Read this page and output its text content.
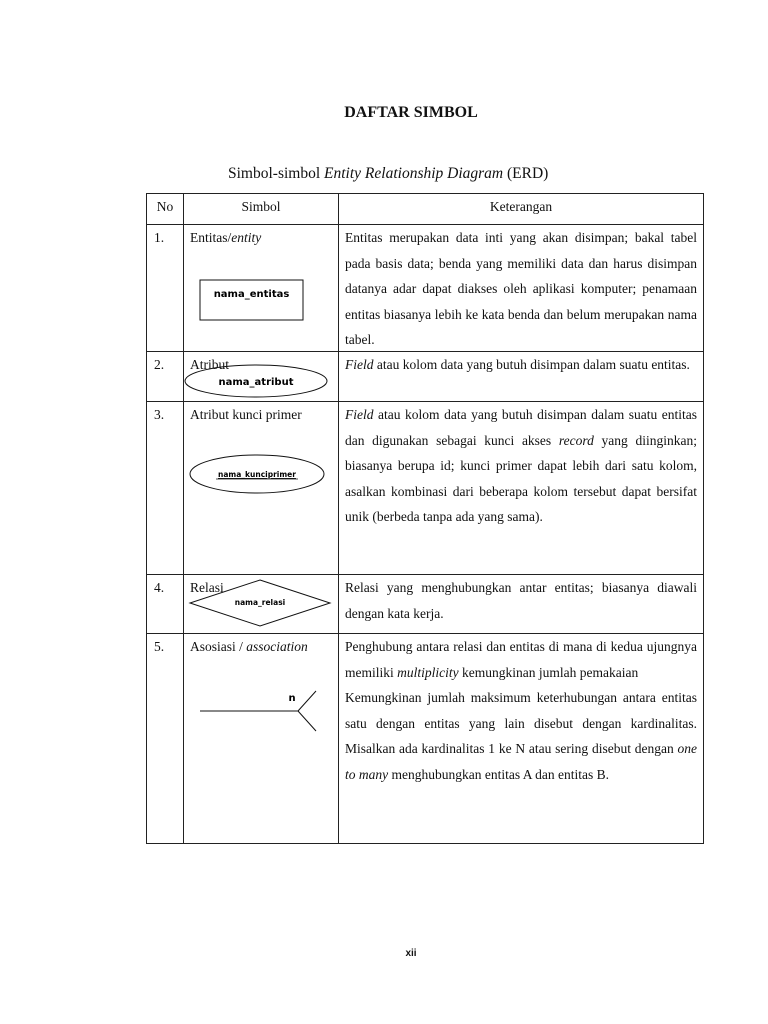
DAFTAR SIMBOL
Simbol-simbol Entity Relationship Diagram (ERD)
No	Simbol	Keterangan
1.	Entitas/entity	Entitas merupakan data inti yang akan disimpan; bakal tabel pada basis data; benda yang memiliki data dan harus disimpan datanya adar dapat diakses oleh aplikasi komputer; penamaan entitas biasanya lebih ke kata benda dan belum merupakan nama tabel.
2.	Atribut	Field atau kolom data yang butuh disimpan dalam suatu entitas.
3.	Atribut kunci primer	Field atau kolom data yang butuh disimpan dalam suatu entitas dan digunakan sebagai kunci akses record yang diinginkan; biasanya berupa id; kunci primer dapat lebih dari satu kolom, asalkan kombinasi dari beberapa kolom tersebut dapat bersifat unik (berbeda tanpa ada yang sama).
4.	Relasi	Relasi yang menghubungkan antar entitas; biasanya diawali dengan kata kerja.
5.	Asosiasi / association	Penghubung antara relasi dan entitas di mana di kedua ujungnya memiliki multiplicity kemungkinan jumlah pemakaian
Kemungkinan jumlah maksimum keterhubungan antara entitas satu dengan entitas yang lain disebut dengan kardinalitas. Misalkan ada kardinalitas 1 ke N atau sering disebut dengan one to many menghubungkan entitas A dan entitas B.
nama_entitas
nama_atribut
nama_kunciprimer
nama_relasi
n
xii
